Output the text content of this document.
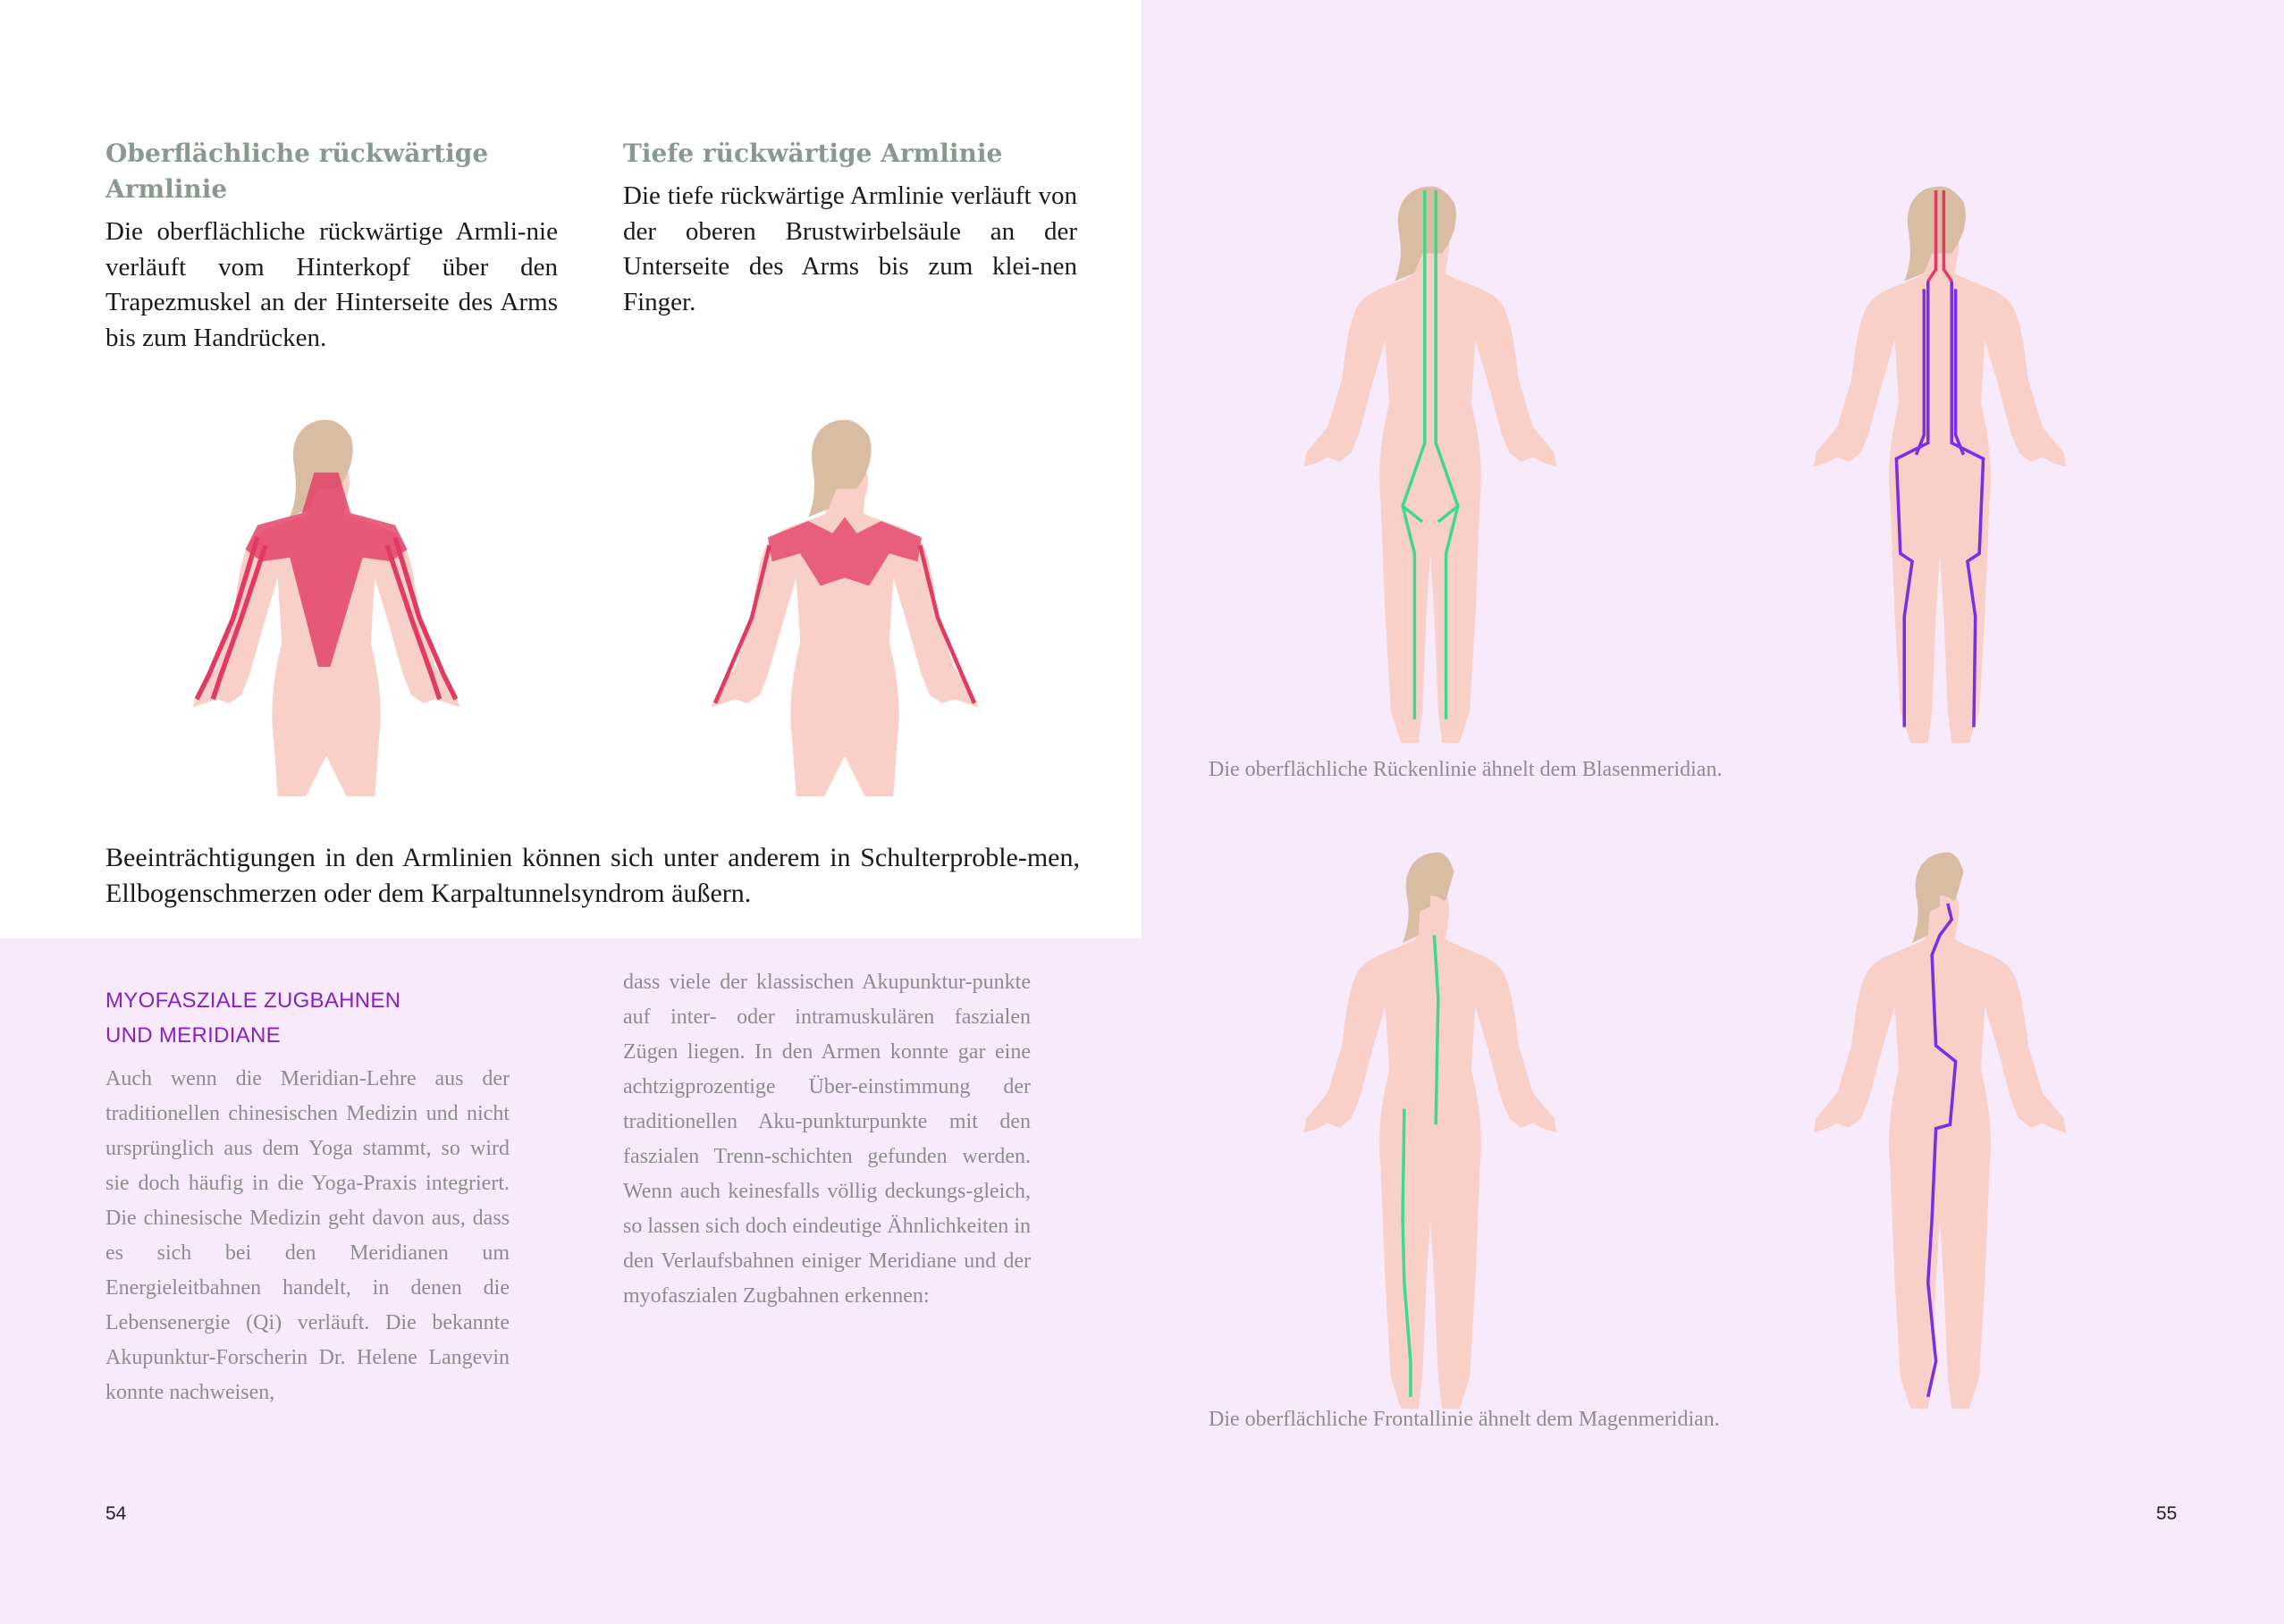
Oberflächliche rückwärtige Armlinie

Die oberflächliche rückwärtige Armli-nie verläuft vom Hinterkopf über den Trapezmuskel an der Hinterseite des Arms bis zum Handrücken.

Tiefe rückwärtige Armlinie

Die tiefe rückwärtige Armlinie verläuft von der oberen Brustwirbelsäule an der Unterseite des Arms bis zum klei-nen Finger.

Beeinträchtigungen in den Armlinien können sich unter anderem in Schulterproble-men, Ellbogenschmerzen oder dem Karpaltunnelsyndrom äußern.

MYOFASZIALE ZUGBAHNEN
UND MERIDIANE

Auch wenn die Meridian-Lehre aus der traditionellen chinesischen Medizin und nicht ursprünglich aus dem Yoga stammt, so wird sie doch häufig in die Yoga-Praxis integriert. Die chinesische Medizin geht davon aus, dass es sich bei den Meridianen um Energieleitbahnen handelt, in denen die Lebensenergie (Qi) verläuft. Die bekannte Akupunktur-Forscherin Dr. Helene Langevin konnte nachweisen,

dass viele der klassischen Akupunktur-punkte auf inter- oder intramuskulären faszialen Zügen liegen. In den Armen konnte gar eine achtzigprozentige Über-einstimmung der traditionellen Aku-punkturpunkte mit den faszialen Trenn-schichten gefunden werden. Wenn auch keinesfalls völlig deckungs-gleich, so lassen sich doch eindeutige Ähnlichkeiten in den Verlaufsbahnen einiger Meridiane und der myofaszialen Zugbahnen erkennen:

54

Die oberflächliche Rückenlinie ähnelt dem Blasenmeridian.

Die oberflächliche Frontallinie ähnelt dem Magenmeridian.

55
